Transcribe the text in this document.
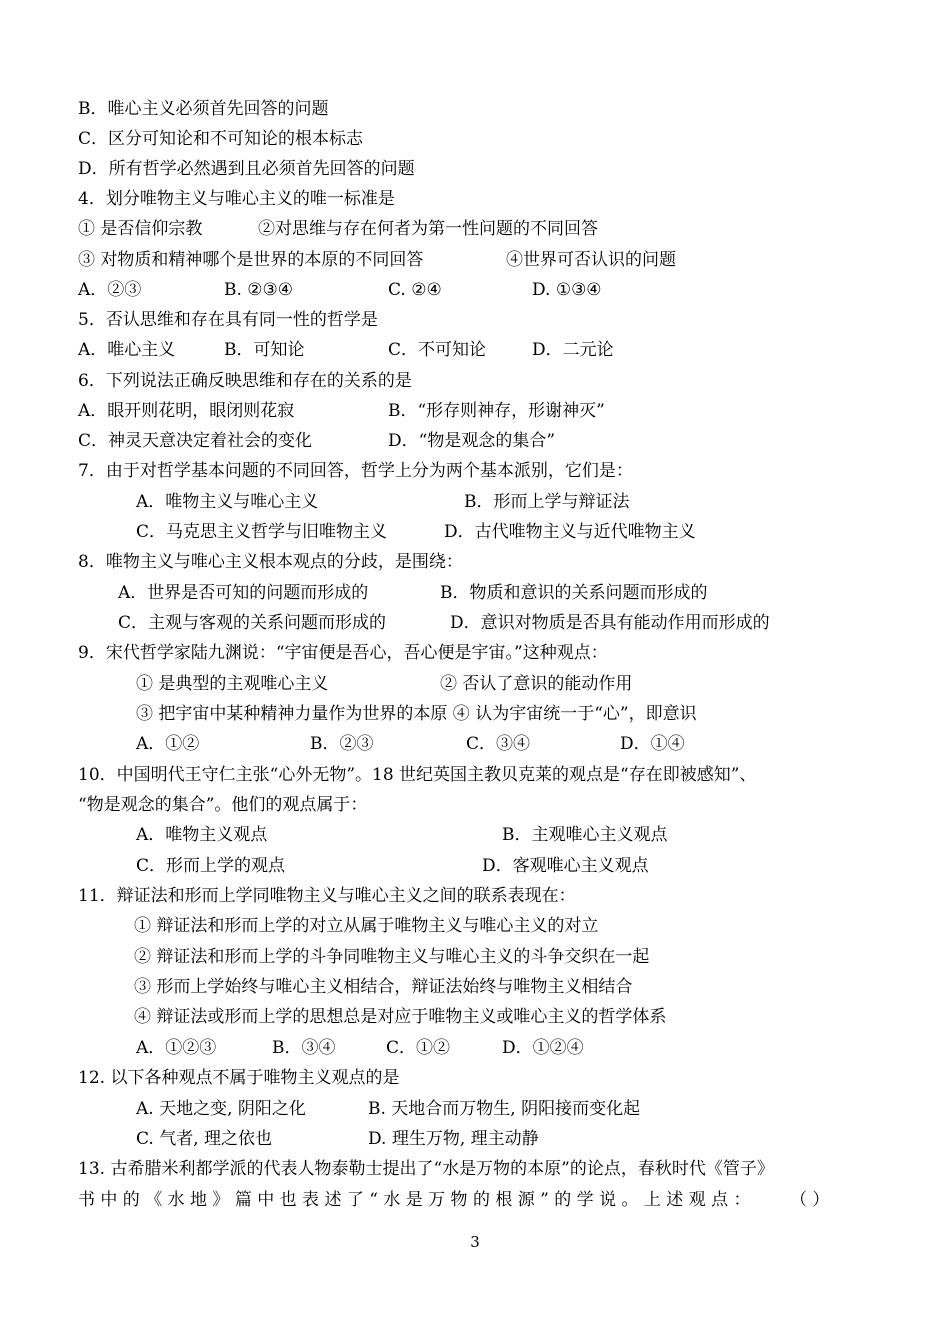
B．唯心主义必须首先回答的问题
C．区分可知论和不可知论的根本标志
D．所有哲学必然遇到且必须首先回答的问题
4．划分唯物主义与唯心主义的唯一标准是
① 是否信仰宗教	②对思维与存在何者为第一性问题的不同回答
③ 对物质和精神哪个是世界的本原的不同回答	④世界可否认识的问题
A．②③	B. ②③④	C. ②④	D. ①③④
5．否认思维和存在具有同一性的哲学是
A．唯心主义	B．可知论	C．不可知论	D．二元论
6．下列说法正确反映思维和存在的关系的是
A．眼开则花明，眼闭则花寂	B．“形存则神存，形谢神灭”
C．神灵天意决定着社会的变化	D．“物是观念的集合”
7．由于对哲学基本问题的不同回答，哲学上分为两个基本派别，它们是：
A．唯物主义与唯心主义	B．形而上学与辩证法
C．马克思主义哲学与旧唯物主义	D．古代唯物主义与近代唯物主义
8．唯物主义与唯心主义根本观点的分歧，是围绕：
A．世界是否可知的问题而形成的	B．物质和意识的关系问题而形成的
C．主观与客观的关系问题而形成的	D．意识对物质是否具有能动作用而形成的
9．宋代哲学家陆九渊说：“宇宙便是吾心，吾心便是宇宙。”这种观点：
① 是典型的主观唯心主义	② 否认了意识的能动作用
③ 把宇宙中某种精神力量作为世界的本原 ④ 认为宇宙统一于“心”，即意识
A．①②	B．②③	C．③④	D．①④
10．中国明代王守仁主张“心外无物”。18 世纪英国主教贝克莱的观点是“存在即被感知”、
“物是观念的集合”。他们的观点属于：
A．唯物主义观点	B．主观唯心主义观点
C．形而上学的观点	D．客观唯心主义观点
11．辩证法和形而上学同唯物主义与唯心主义之间的联系表现在：
① 辩证法和形而上学的对立从属于唯物主义与唯心主义的对立
② 辩证法和形而上学的斗争同唯物主义与唯心主义的斗争交织在一起
③ 形而上学始终与唯心主义相结合，辩证法始终与唯物主义相结合
④ 辩证法或形而上学的思想总是对应于唯物主义或唯心主义的哲学体系
A．①②③	B．③④	C．①②	D．①②④
12. 以下各种观点不属于唯物主义观点的是
A. 天地之变, 阴阳之化	B. 天地合而万物生, 阴阳接而变化起
C. 气者, 理之依也	D. 理生万物, 理主动静
13. 古希腊米利都学派的代表人物泰勒士提出了“水是万物的本原”的论点，春秋时代《管子》
书 中 的 《 水 地 》 篇 中 也 表 述 了 “ 水 是 万 物 的 根 源 ” 的 学 说 。 上 述 观 点 ： （ ）
3
